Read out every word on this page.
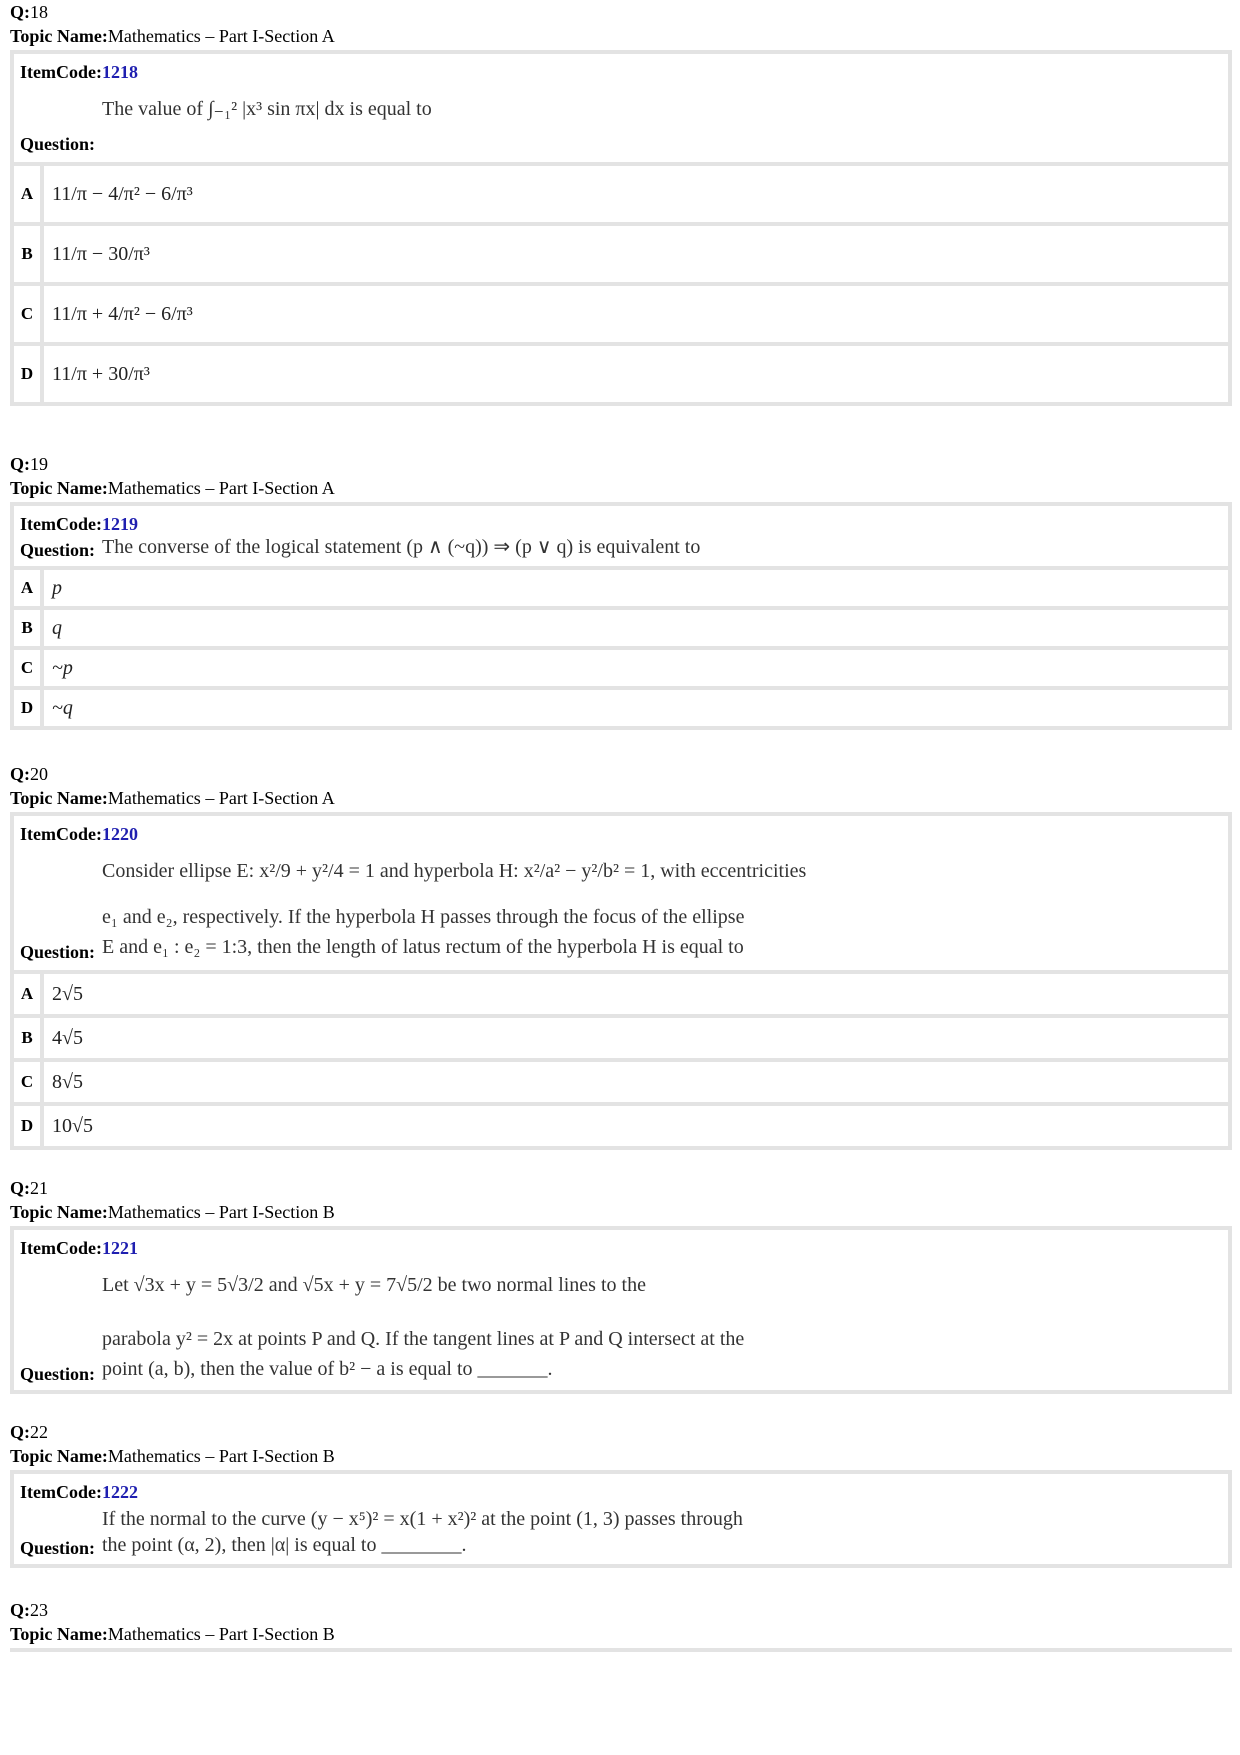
Q:18
Topic Name:Mathematics – Part I-Section A
ItemCode:1218
The value of ∫₋₁² |x³ sin πx| dx is equal to
Question:
A 11/π − 4/π² − 6/π³
B 11/π − 30/π³
C 11/π + 4/π² − 6/π³
D 11/π + 30/π³
Q:19
Topic Name:Mathematics – Part I-Section A
ItemCode:1219
Question: The converse of the logical statement (p ∧ (~q)) ⇒ (p ∨ q) is equivalent to
A p
B q
C ~p
D ~q
Q:20
Topic Name:Mathematics – Part I-Section A
ItemCode:1220
Consider ellipse E: x²/9 + y²/4 = 1 and hyperbola H: x²/a² − y²/b² = 1, with eccentricities
e₁ and e₂, respectively. If the hyperbola H passes through the focus of the ellipse
E and e₁ : e₂ = 1:3, then the length of latus rectum of the hyperbola H is equal to
Question:
A 2√5
B 4√5
C 8√5
D 10√5
Q:21
Topic Name:Mathematics – Part I-Section B
ItemCode:1221
Let √3x + y = 5√3/2 and √5x + y = 7√5/2 be two normal lines to the
parabola y² = 2x at points P and Q. If the tangent lines at P and Q intersect at the
point (a, b), then the value of b² − a is equal to _______.
Question:
Q:22
Topic Name:Mathematics – Part I-Section B
ItemCode:1222
If the normal to the curve (y − x⁵)² = x(1 + x²)² at the point (1, 3) passes through
the point (α, 2), then |α| is equal to ________.
Question:
Q:23
Topic Name:Mathematics – Part I-Section B
